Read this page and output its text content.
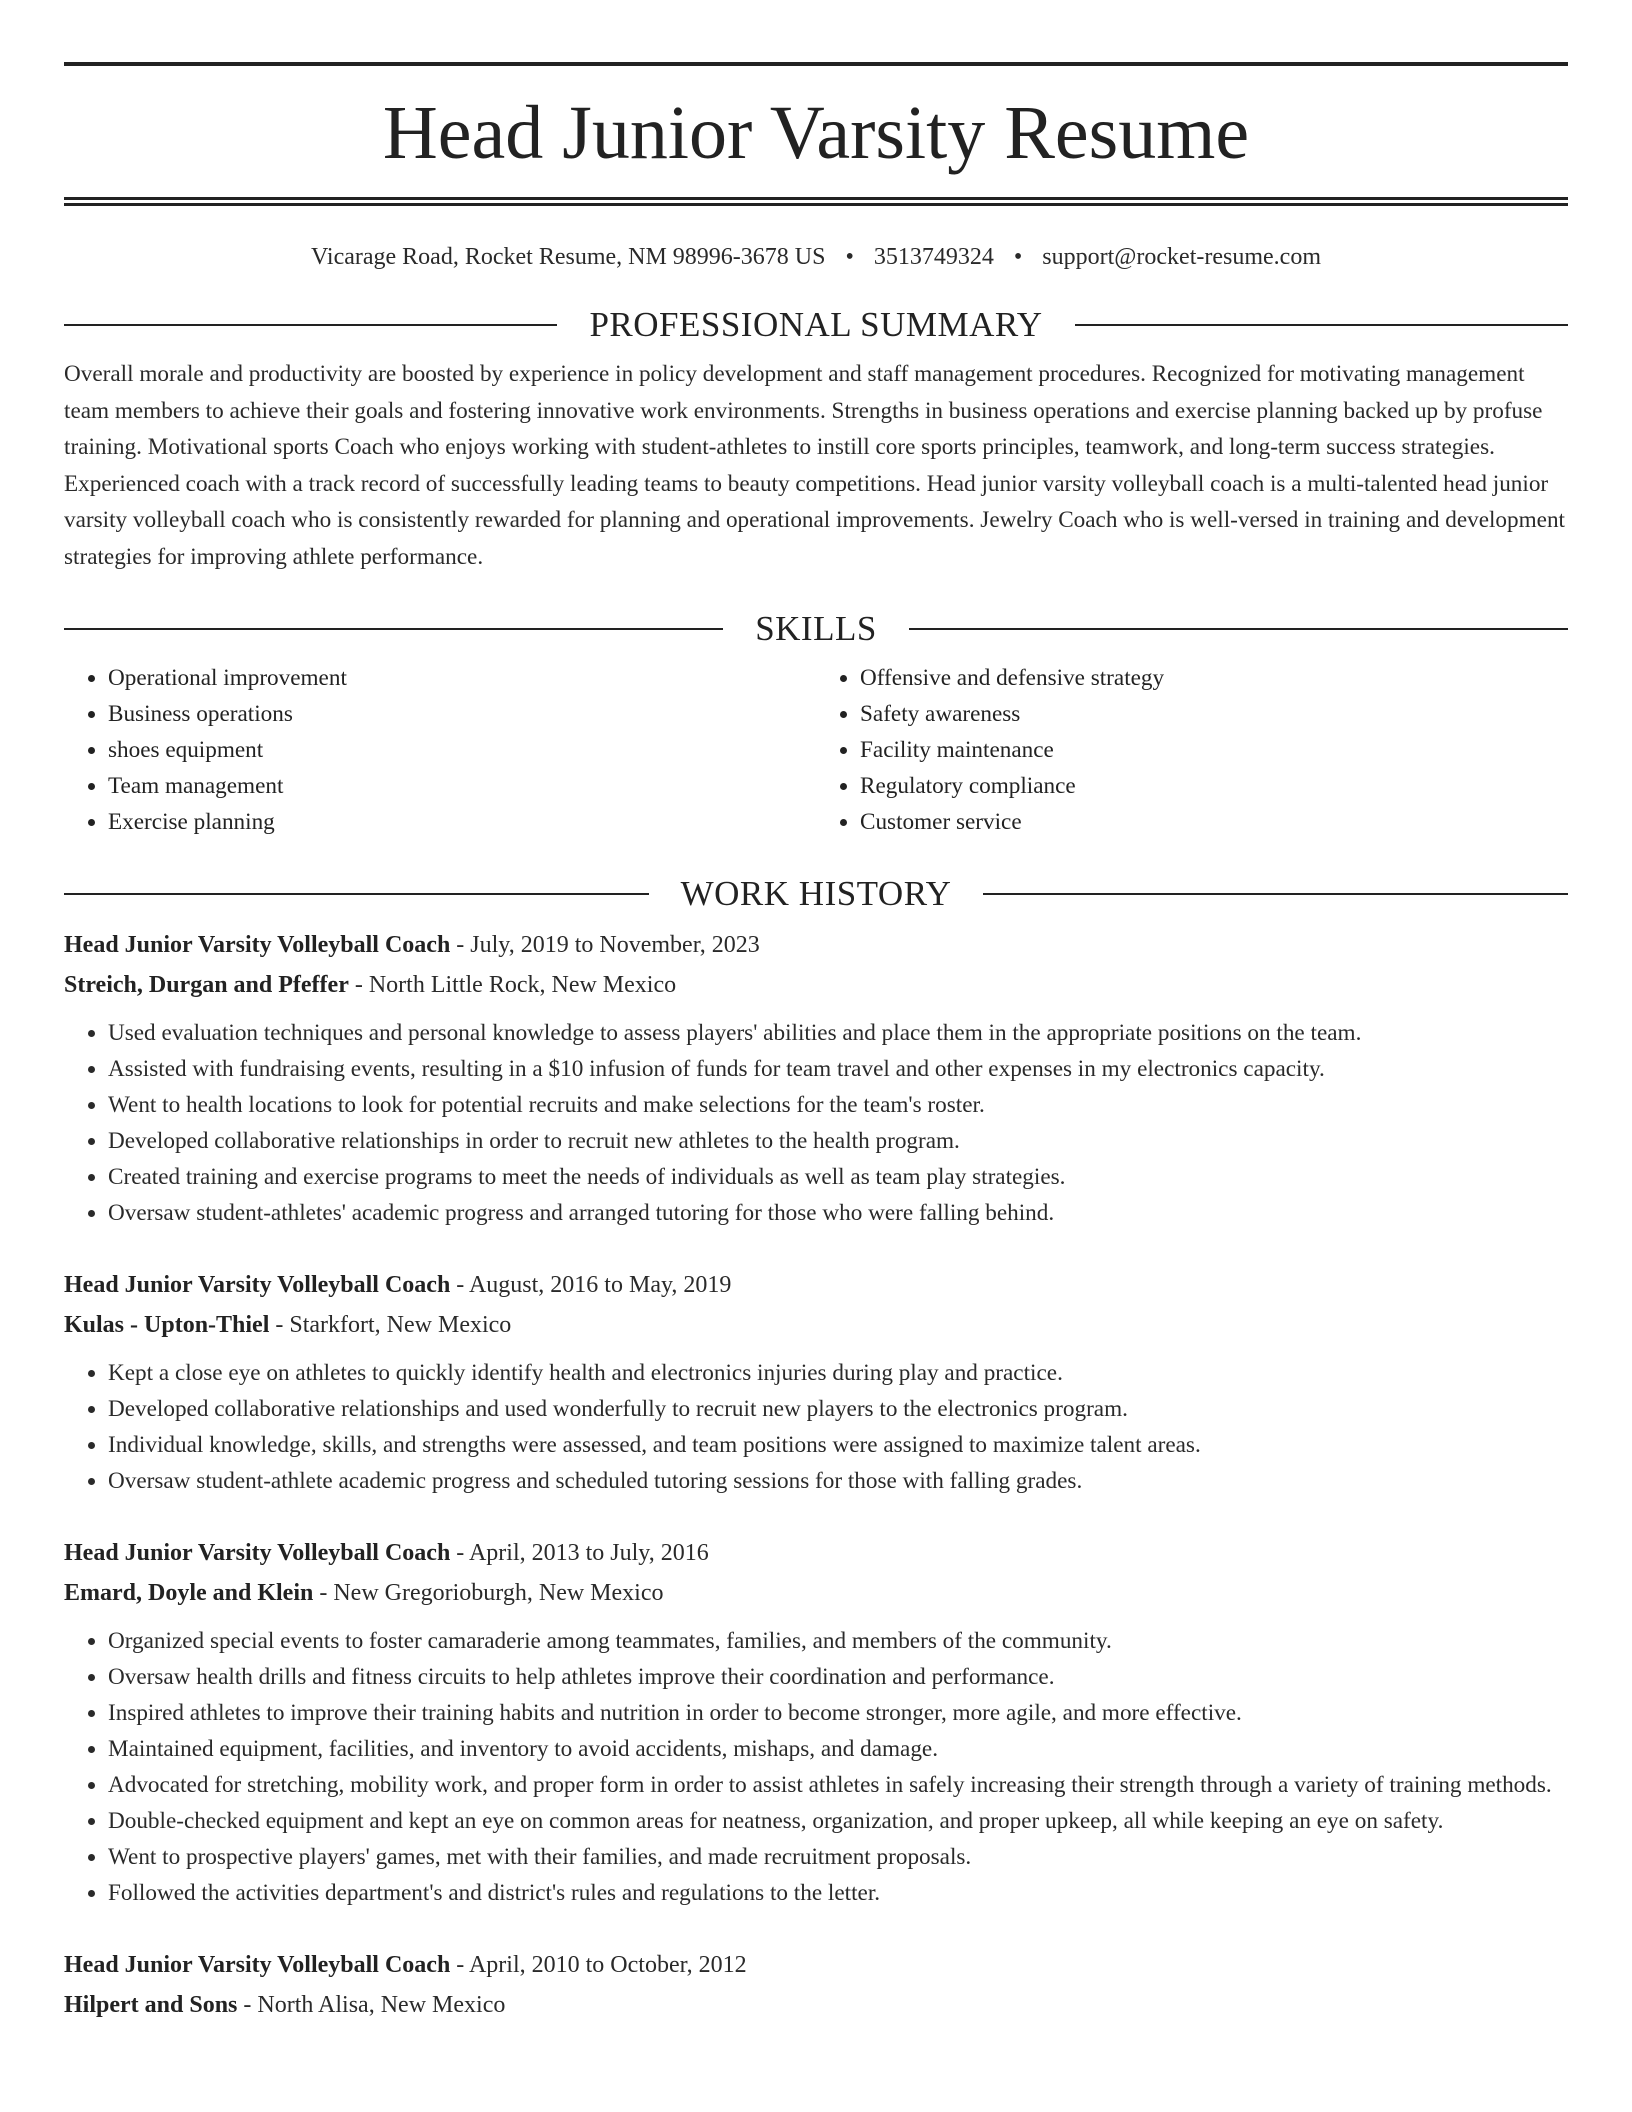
Head Junior Varsity Resume
Vicarage Road, Rocket Resume, NM 98996-3678 US • 3513749324 • support@rocket-resume.com
PROFESSIONAL SUMMARY

Overall morale and productivity are boosted by experience in policy development and staff management procedures. Recognized for motivating management team members to achieve their goals and fostering innovative work environments. Strengths in business operations and exercise planning backed up by profuse training. Motivational sports Coach who enjoys working with student-athletes to instill core sports principles, teamwork, and long-term success strategies. Experienced coach with a track record of successfully leading teams to beauty competitions. Head junior varsity volleyball coach is a multi-talented head junior varsity volleyball coach who is consistently rewarded for planning and operational improvements. Jewelry Coach who is well-versed in training and development strategies for improving athlete performance.

SKILLS
• Operational improvement
• Business operations
• shoes equipment
• Team management
• Exercise planning
• Offensive and defensive strategy
• Safety awareness
• Facility maintenance
• Regulatory compliance
• Customer service
WORK HISTORY
Head Junior Varsity Volleyball Coach - July, 2019 to November, 2023
Streich, Durgan and Pfeffer - North Little Rock, New Mexico
• Used evaluation techniques and personal knowledge to assess players' abilities and place them in the appropriate positions on the team.
• Assisted with fundraising events, resulting in a $10 infusion of funds for team travel and other expenses in my electronics capacity.
• Went to health locations to look for potential recruits and make selections for the team's roster.
• Developed collaborative relationships in order to recruit new athletes to the health program.
• Created training and exercise programs to meet the needs of individuals as well as team play strategies.
• Oversaw student-athletes' academic progress and arranged tutoring for those who were falling behind.
Head Junior Varsity Volleyball Coach - August, 2016 to May, 2019
Kulas - Upton-Thiel - Starkfort, New Mexico
• Kept a close eye on athletes to quickly identify health and electronics injuries during play and practice.
• Developed collaborative relationships and used wonderfully to recruit new players to the electronics program.
• Individual knowledge, skills, and strengths were assessed, and team positions were assigned to maximize talent areas.
• Oversaw student-athlete academic progress and scheduled tutoring sessions for those with falling grades.
Head Junior Varsity Volleyball Coach - April, 2013 to July, 2016
Emard, Doyle and Klein - New Gregorioburgh, New Mexico
• Organized special events to foster camaraderie among teammates, families, and members of the community.
• Oversaw health drills and fitness circuits to help athletes improve their coordination and performance.
• Inspired athletes to improve their training habits and nutrition in order to become stronger, more agile, and more effective.
• Maintained equipment, facilities, and inventory to avoid accidents, mishaps, and damage.
• Advocated for stretching, mobility work, and proper form in order to assist athletes in safely increasing their strength through a variety of training methods.
• Double-checked equipment and kept an eye on common areas for neatness, organization, and proper upkeep, all while keeping an eye on safety.
• Went to prospective players' games, met with their families, and made recruitment proposals.
• Followed the activities department's and district's rules and regulations to the letter.
Head Junior Varsity Volleyball Coach - April, 2010 to October, 2012
Hilpert and Sons - North Alisa, New Mexico
